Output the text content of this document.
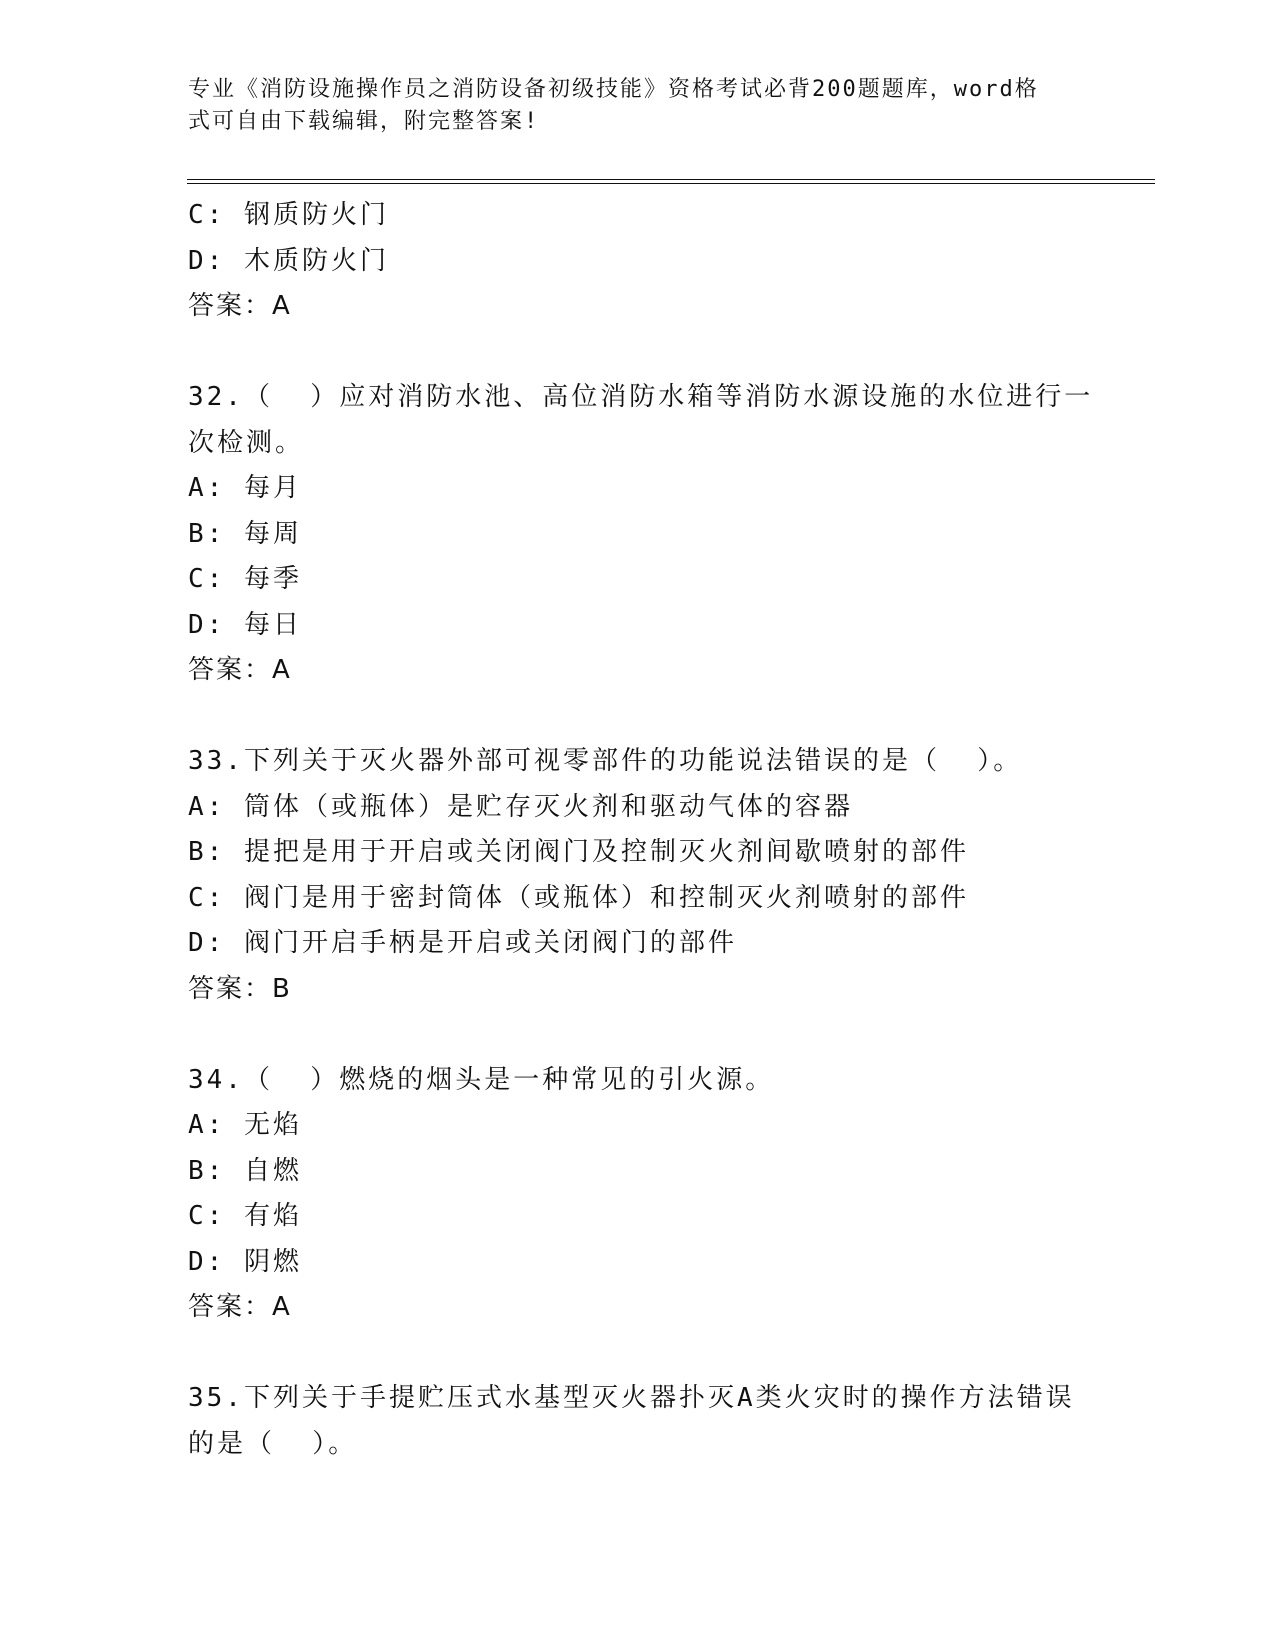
专业《消防设施操作员之消防设备初级技能》资格考试必背200题题库，word格
式可自由下载编辑，附完整答案!
C: 钢质防火门
D: 木质防火门
答案：A
32.（  ）应对消防水池、高位消防水箱等消防水源设施的水位进行一
次检测。
A: 每月
B: 每周
C: 每季
D: 每日
答案：A
33.下列关于灭火器外部可视零部件的功能说法错误的是（  ）。
A: 筒体（或瓶体）是贮存灭火剂和驱动气体的容器
B: 提把是用于开启或关闭阀门及控制灭火剂间歇喷射的部件
C: 阀门是用于密封筒体（或瓶体）和控制灭火剂喷射的部件
D: 阀门开启手柄是开启或关闭阀门的部件
答案：B
34.（  ）燃烧的烟头是一种常见的引火源。
A: 无焰
B: 自燃
C: 有焰
D: 阴燃
答案：A
35.下列关于手提贮压式水基型灭火器扑灭A类火灾时的操作方法错误
的是（  ）。
